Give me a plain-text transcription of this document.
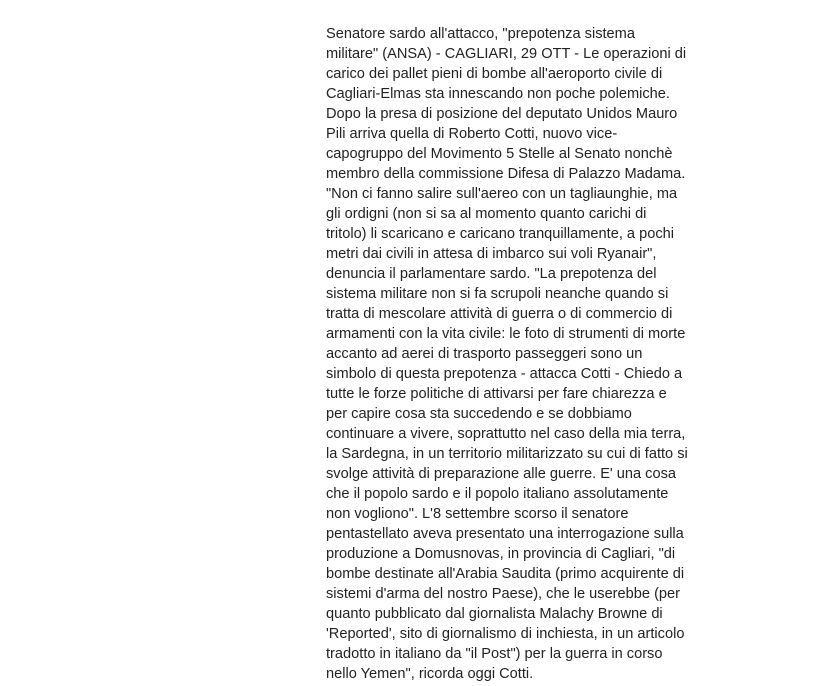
Senatore sardo all'attacco, "prepotenza sistema
militare" (ANSA) - CAGLIARI, 29 OTT - Le operazioni di
carico dei pallet pieni di bombe all'aeroporto civile di
Cagliari-Elmas sta innescando non poche polemiche.
Dopo la presa di posizione del deputato Unidos Mauro
Pili arriva quella di Roberto Cotti, nuovo vice-
capogruppo del Movimento 5 Stelle al Senato nonchè
membro della commissione Difesa di Palazzo Madama.
"Non ci fanno salire sull'aereo con un tagliaunghie, ma
gli ordigni (non si sa al momento quanto carichi di
tritolo) li scaricano e caricano tranquillamente, a pochi
metri dai civili in attesa di imbarco sui voli Ryanair",
denuncia il parlamentare sardo. "La prepotenza del
sistema militare non si fa scrupoli neanche quando si
tratta di mescolare attività di guerra o di commercio di
armamenti con la vita civile: le foto di strumenti di morte
accanto ad aerei di trasporto passeggeri sono un
simbolo di questa prepotenza - attacca Cotti - Chiedo a
tutte le forze politiche di attivarsi per fare chiarezza e
per capire cosa sta succedendo e se dobbiamo
continuare a vivere, soprattutto nel caso della mia terra,
la Sardegna, in un territorio militarizzato su cui di fatto si
svolge attività di preparazione alle guerre. E' una cosa
che il popolo sardo e il popolo italiano assolutamente
non vogliono". L'8 settembre scorso il senatore
pentastellato aveva presentato una interrogazione sulla
produzione a Domusnovas, in provincia di Cagliari, "di
bombe destinate all'Arabia Saudita (primo acquirente di
sistemi d'arma del nostro Paese), che le userebbe (per
quanto pubblicato dal giornalista Malachy Browne di
'Reported', sito di giornalismo di inchiesta, in un articolo
tradotto in italiano da "il Post") per la guerra in corso
nello Yemen", ricorda oggi Cotti.
